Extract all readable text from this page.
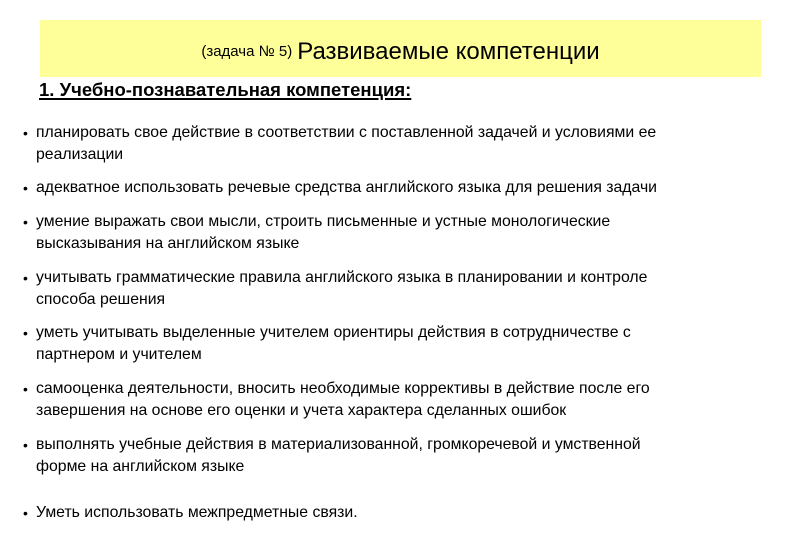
(задача № 5) Развиваемые компетенции
1. Учебно-познавательная компетенция:
• планировать свое действие в соответствии с поставленной задачей и условиями ее
реализации
• адекватное использовать речевые средства английского языка для решения задачи
• умение выражать свои мысли, строить письменные и устные монологические
высказывания на английском языке
• учитывать грамматические правила английского языка в планировании и контроле
способа решения
• уметь учитывать выделенные учителем ориентиры действия в сотрудничестве с
партнером и учителем
• самооценка деятельности, вносить необходимые коррективы в действие после его
завершения на основе его оценки и учета характера сделанных ошибок
• выполнять учебные действия в материализованной, громкоречевой и умственной
форме на английском языке
• Уметь использовать межпредметные связи.
